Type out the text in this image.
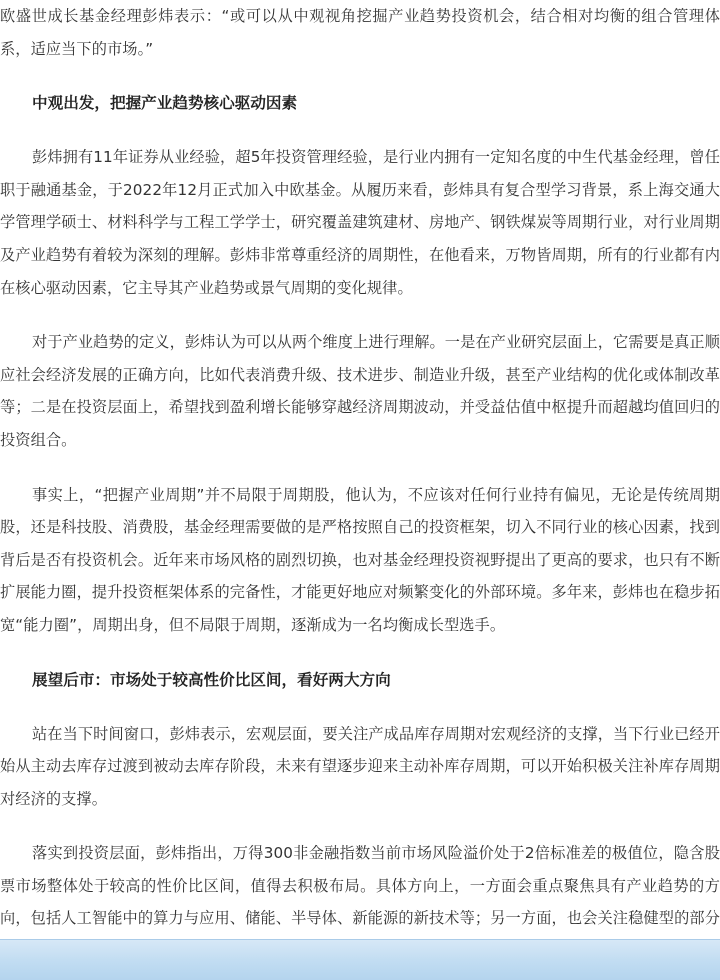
欧盛世成长基金经理彭炜表示：“或可以从中观视角挖掘产业趋势投资机会，结合相对均衡的组合管理体系，适应当下的市场。”

中观出发，把握产业趋势核心驱动因素

彭炜拥有11年证券从业经验，超5年投资管理经验，是行业内拥有一定知名度的中生代基金经理，曾任职于融通基金，于2022年12月正式加入中欧基金。从履历来看，彭炜具有复合型学习背景，系上海交通大学管理学硕士、材料科学与工程工学学士，研究覆盖建筑建材、房地产、钢铁煤炭等周期行业，对行业周期及产业趋势有着较为深刻的理解。彭炜非常尊重经济的周期性，在他看来，万物皆周期，所有的行业都有内在核心驱动因素，它主导其产业趋势或景气周期的变化规律。

对于产业趋势的定义，彭炜认为可以从两个维度上进行理解。一是在产业研究层面上，它需要是真正顺应社会经济发展的正确方向，比如代表消费升级、技术进步、制造业升级，甚至产业结构的优化或体制改革等；二是在投资层面上，希望找到盈利增长能够穿越经济周期波动，并受益估值中枢提升而超越均值回归的投资组合。

事实上，“把握产业周期”并不局限于周期股，他认为，不应该对任何行业持有偏见，无论是传统周期股，还是科技股、消费股，基金经理需要做的是严格按照自己的投资框架，切入不同行业的核心因素，找到背后是否有投资机会。近年来市场风格的剧烈切换，也对基金经理投资视野提出了更高的要求，也只有不断扩展能力圈，提升投资框架体系的完备性，才能更好地应对频繁变化的外部环境。多年来，彭炜也在稳步拓宽“能力圈”，周期出身，但不局限于周期，逐渐成为一名均衡成长型选手。

展望后市：市场处于较高性价比区间，看好两大方向

站在当下时间窗口，彭炜表示，宏观层面，要关注产成品库存周期对宏观经济的支撑，当下行业已经开始从主动去库存过渡到被动去库存阶段，未来有望逐步迎来主动补库存周期，可以开始积极关注补库存周期对经济的支撑。

落实到投资层面，彭炜指出，万得300非金融指数当前市场风险溢价处于2倍标准差的极值位，隐含股票市场整体处于较高的性价比区间，值得去积极布局。具体方向上，一方面会重点聚焦具有产业趋势的方向，包括人工智能中的算力与应用、储能、半导体、新能源的新技术等；另一方面，也会关注稳健型的部分
